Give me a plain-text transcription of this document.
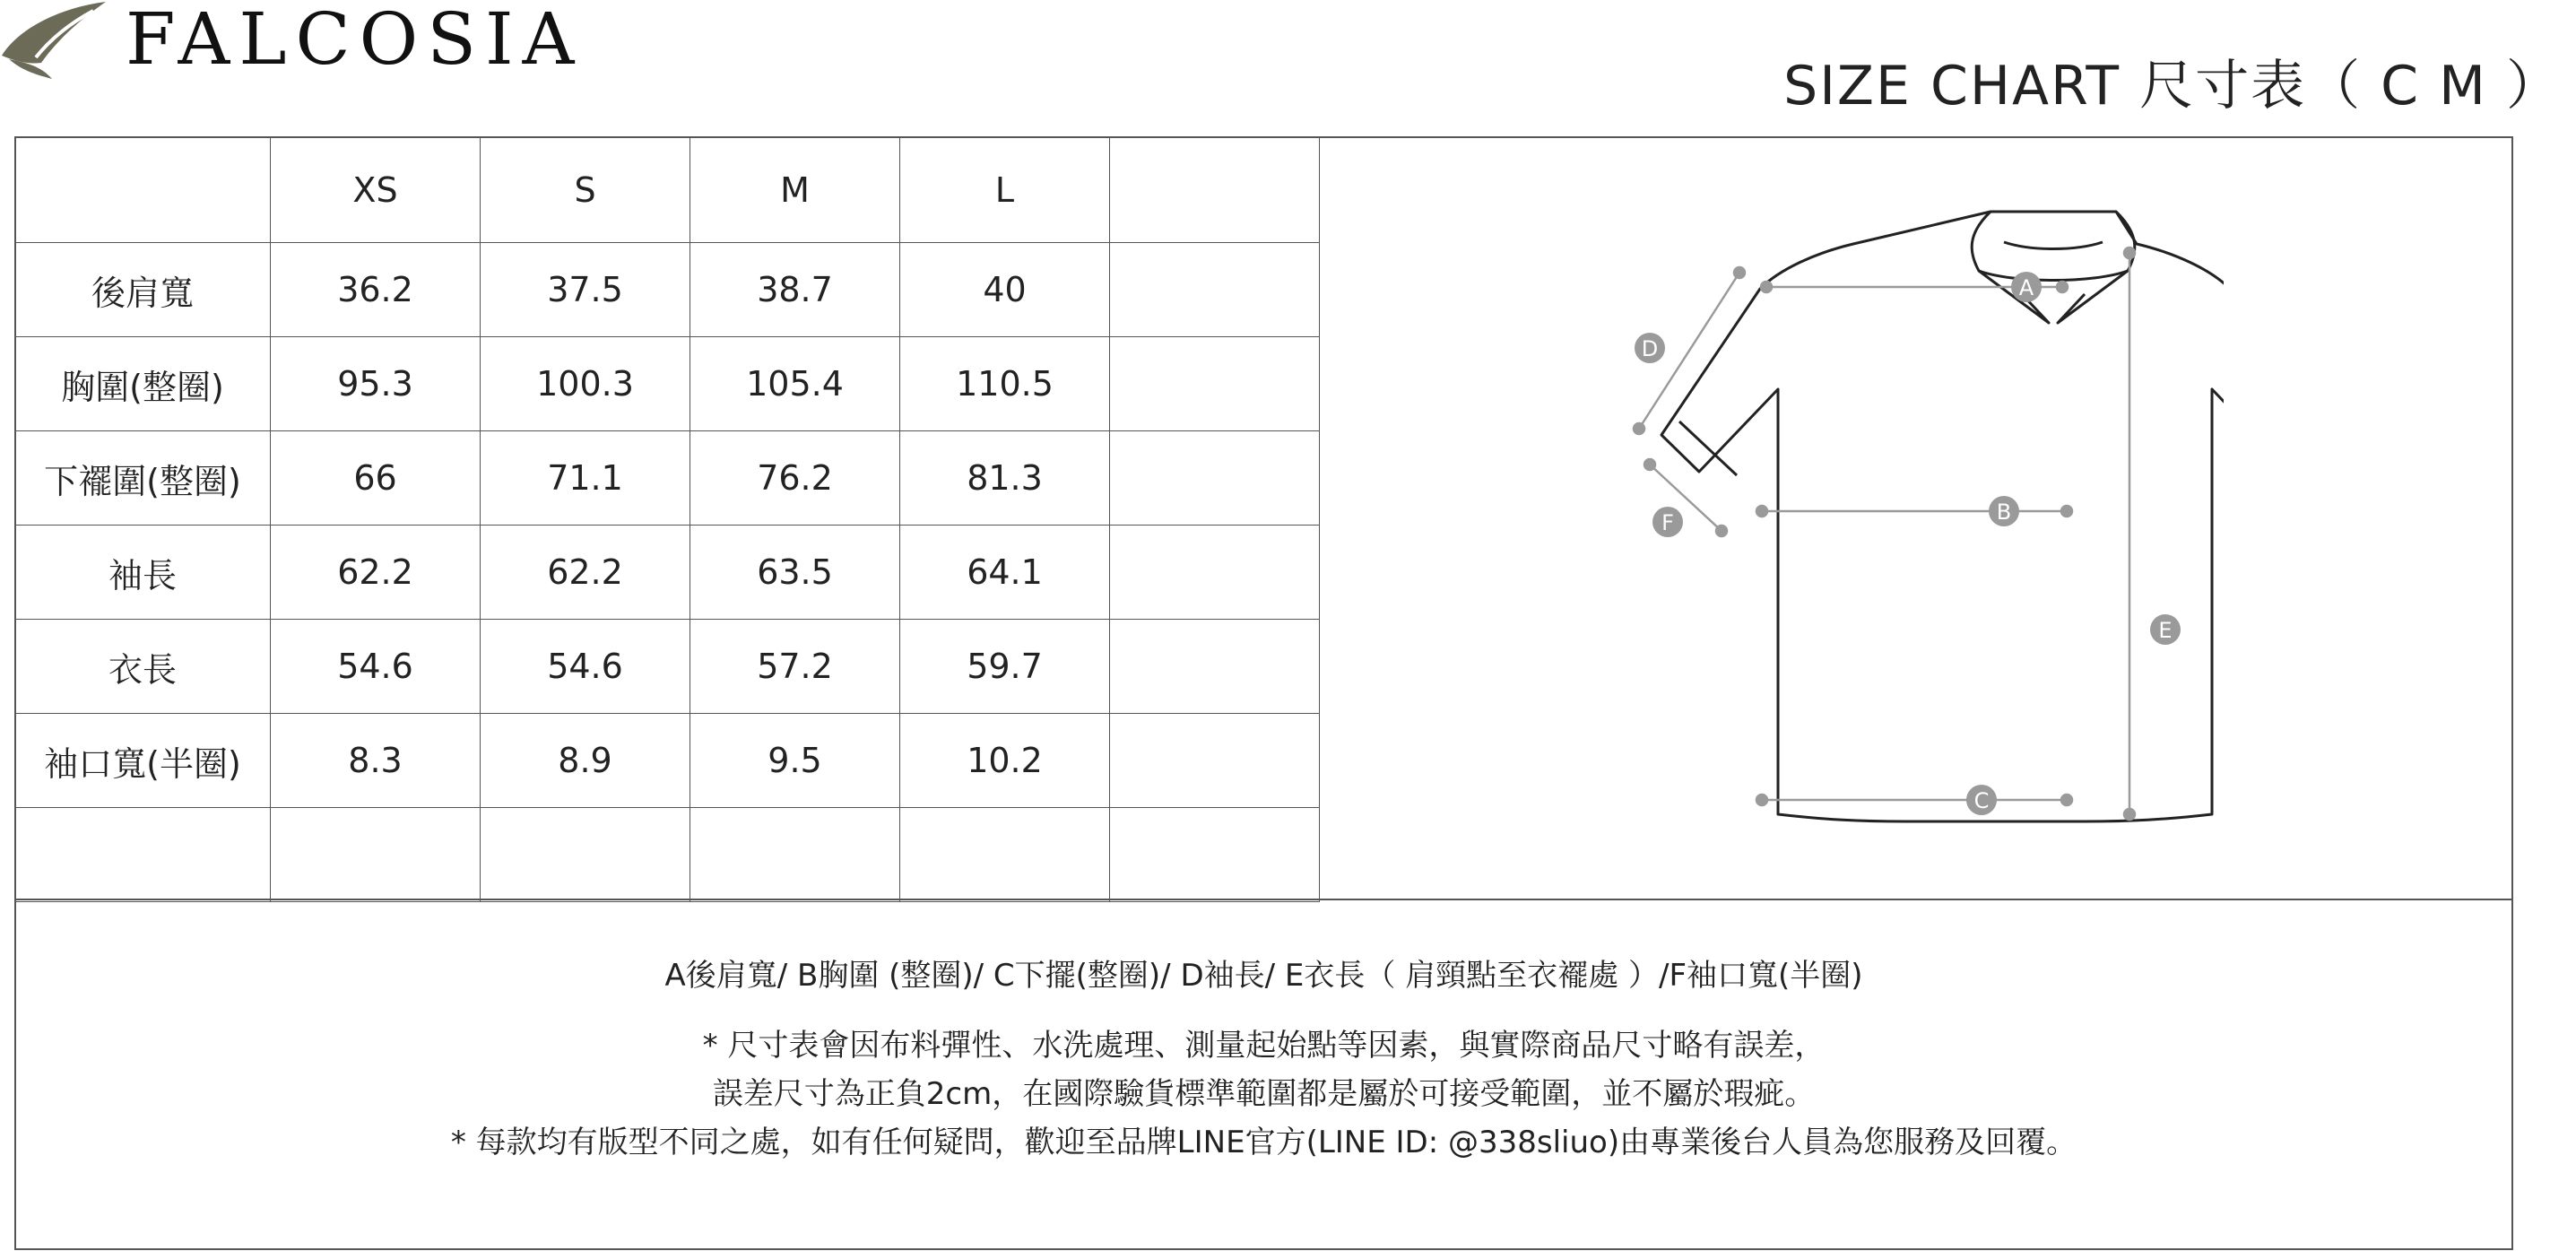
FALCOSIA
SIZE CHART 尺寸表（ C M ）
	XS	S	M	L	
後肩寬	36.2	37.5	38.7	40	
胸圍(整圈)	95.3	100.3	105.4	110.5	
下襬圍(整圈)	66	71.1	76.2	81.3	
袖長	62.2	62.2	63.5	64.1	
衣長	54.6	54.6	57.2	59.7	
袖口寬(半圈)	8.3	8.9	9.5	10.2	

A
B
C
D
E
F
A後肩寬/ B胸圍 (整圈)/ C下擺(整圈)/ D袖長/ E衣長（ 肩頸點至衣襬處 ）/F袖口寬(半圈)
* 尺寸表會因布料彈性、水洗處理、測量起始點等因素，與實際商品尺寸略有誤差，
誤差尺寸為正負2cm，在國際驗貨標準範圍都是屬於可接受範圍，並不屬於瑕疵。
* 每款均有版型不同之處，如有任何疑問，歡迎至品牌LINE官方(LINE ID: @338sliuo)由專業後台人員為您服務及回覆。
